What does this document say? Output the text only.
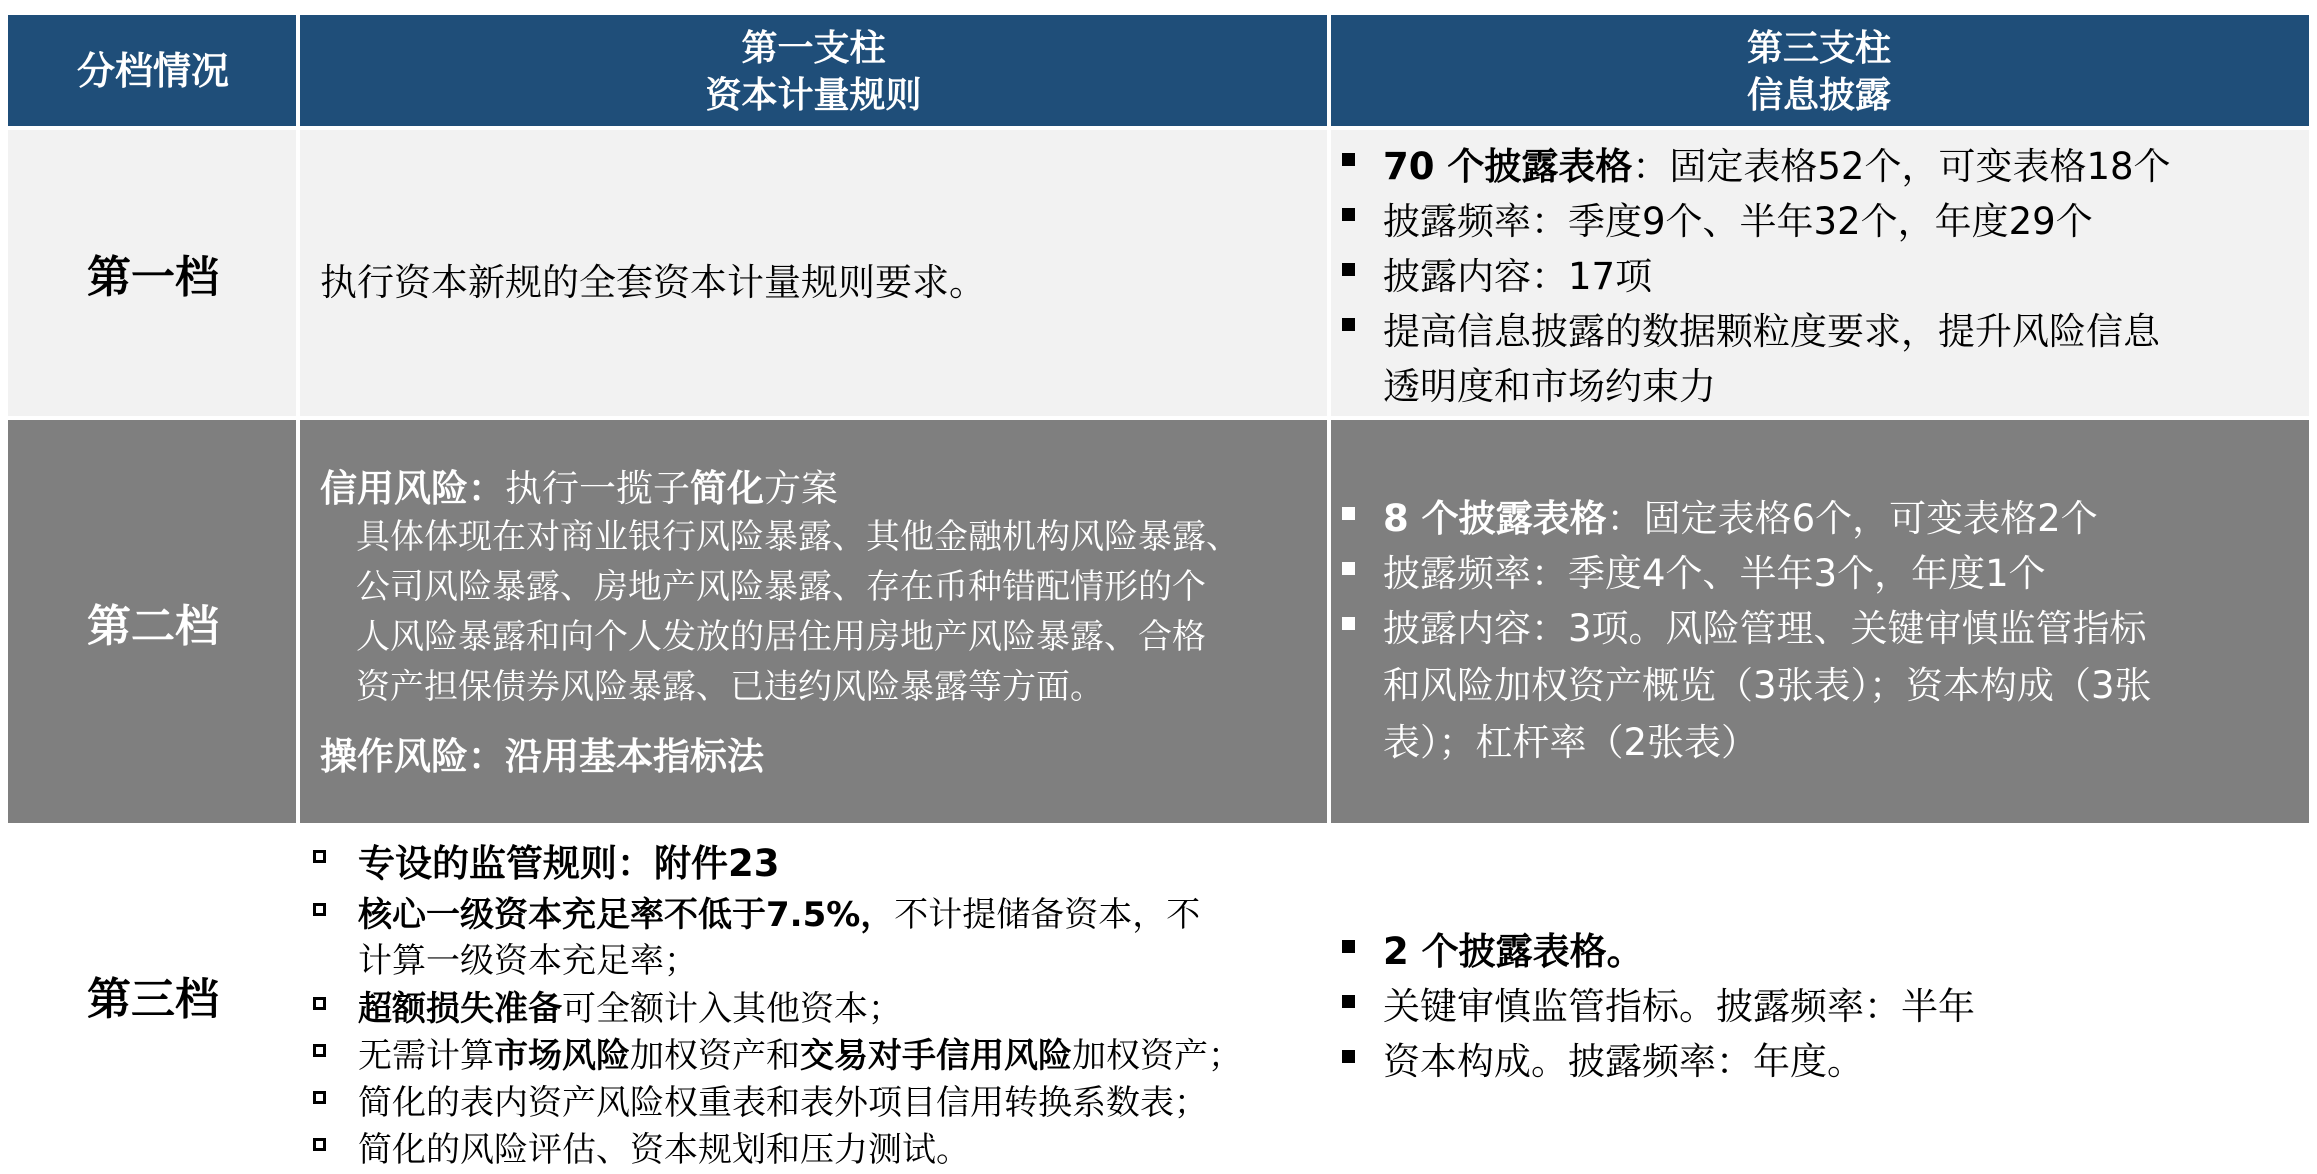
分档情况
第一支柱
资本计量规则
第三支柱
信息披露
第一档	执行资本新规的全套资本计量规则要求。
70 个披露表格：固定表格52个，可变表格18个
披露频率：季度9个、半年32个，年度29个
披露内容：17项
提高信息披露的数据颗粒度要求，提升风险信息
透明度和市场约束力
第二档
信用风险：执行一揽子简化方案
具体体现在对商业银行风险暴露、其他金融机构风险暴露、
公司风险暴露、房地产风险暴露、存在币种错配情形的个
人风险暴露和向个人发放的居住用房地产风险暴露、合格
资产担保债券风险暴露、已违约风险暴露等方面。
操作风险：沿用基本指标法
8 个披露表格：固定表格6个，可变表格2个
披露频率：季度4个、半年3个，年度1个
披露内容：3项。风险管理、关键审慎监管指标
和风险加权资产概览（3张表）；资本构成（3张
表）；杠杆率（2张表）
第三档
专设的监管规则：附件23
核心一级资本充足率不低于7.5%，不计提储备资本，不
计算一级资本充足率；
超额损失准备可全额计入其他资本；
无需计算市场风险加权资产和交易对手信用风险加权资产；
简化的表内资产风险权重表和表外项目信用转换系数表；
简化的风险评估、资本规划和压力测试。
2 个披露表格。
关键审慎监管指标。披露频率：半年
资本构成。披露频率：年度。
